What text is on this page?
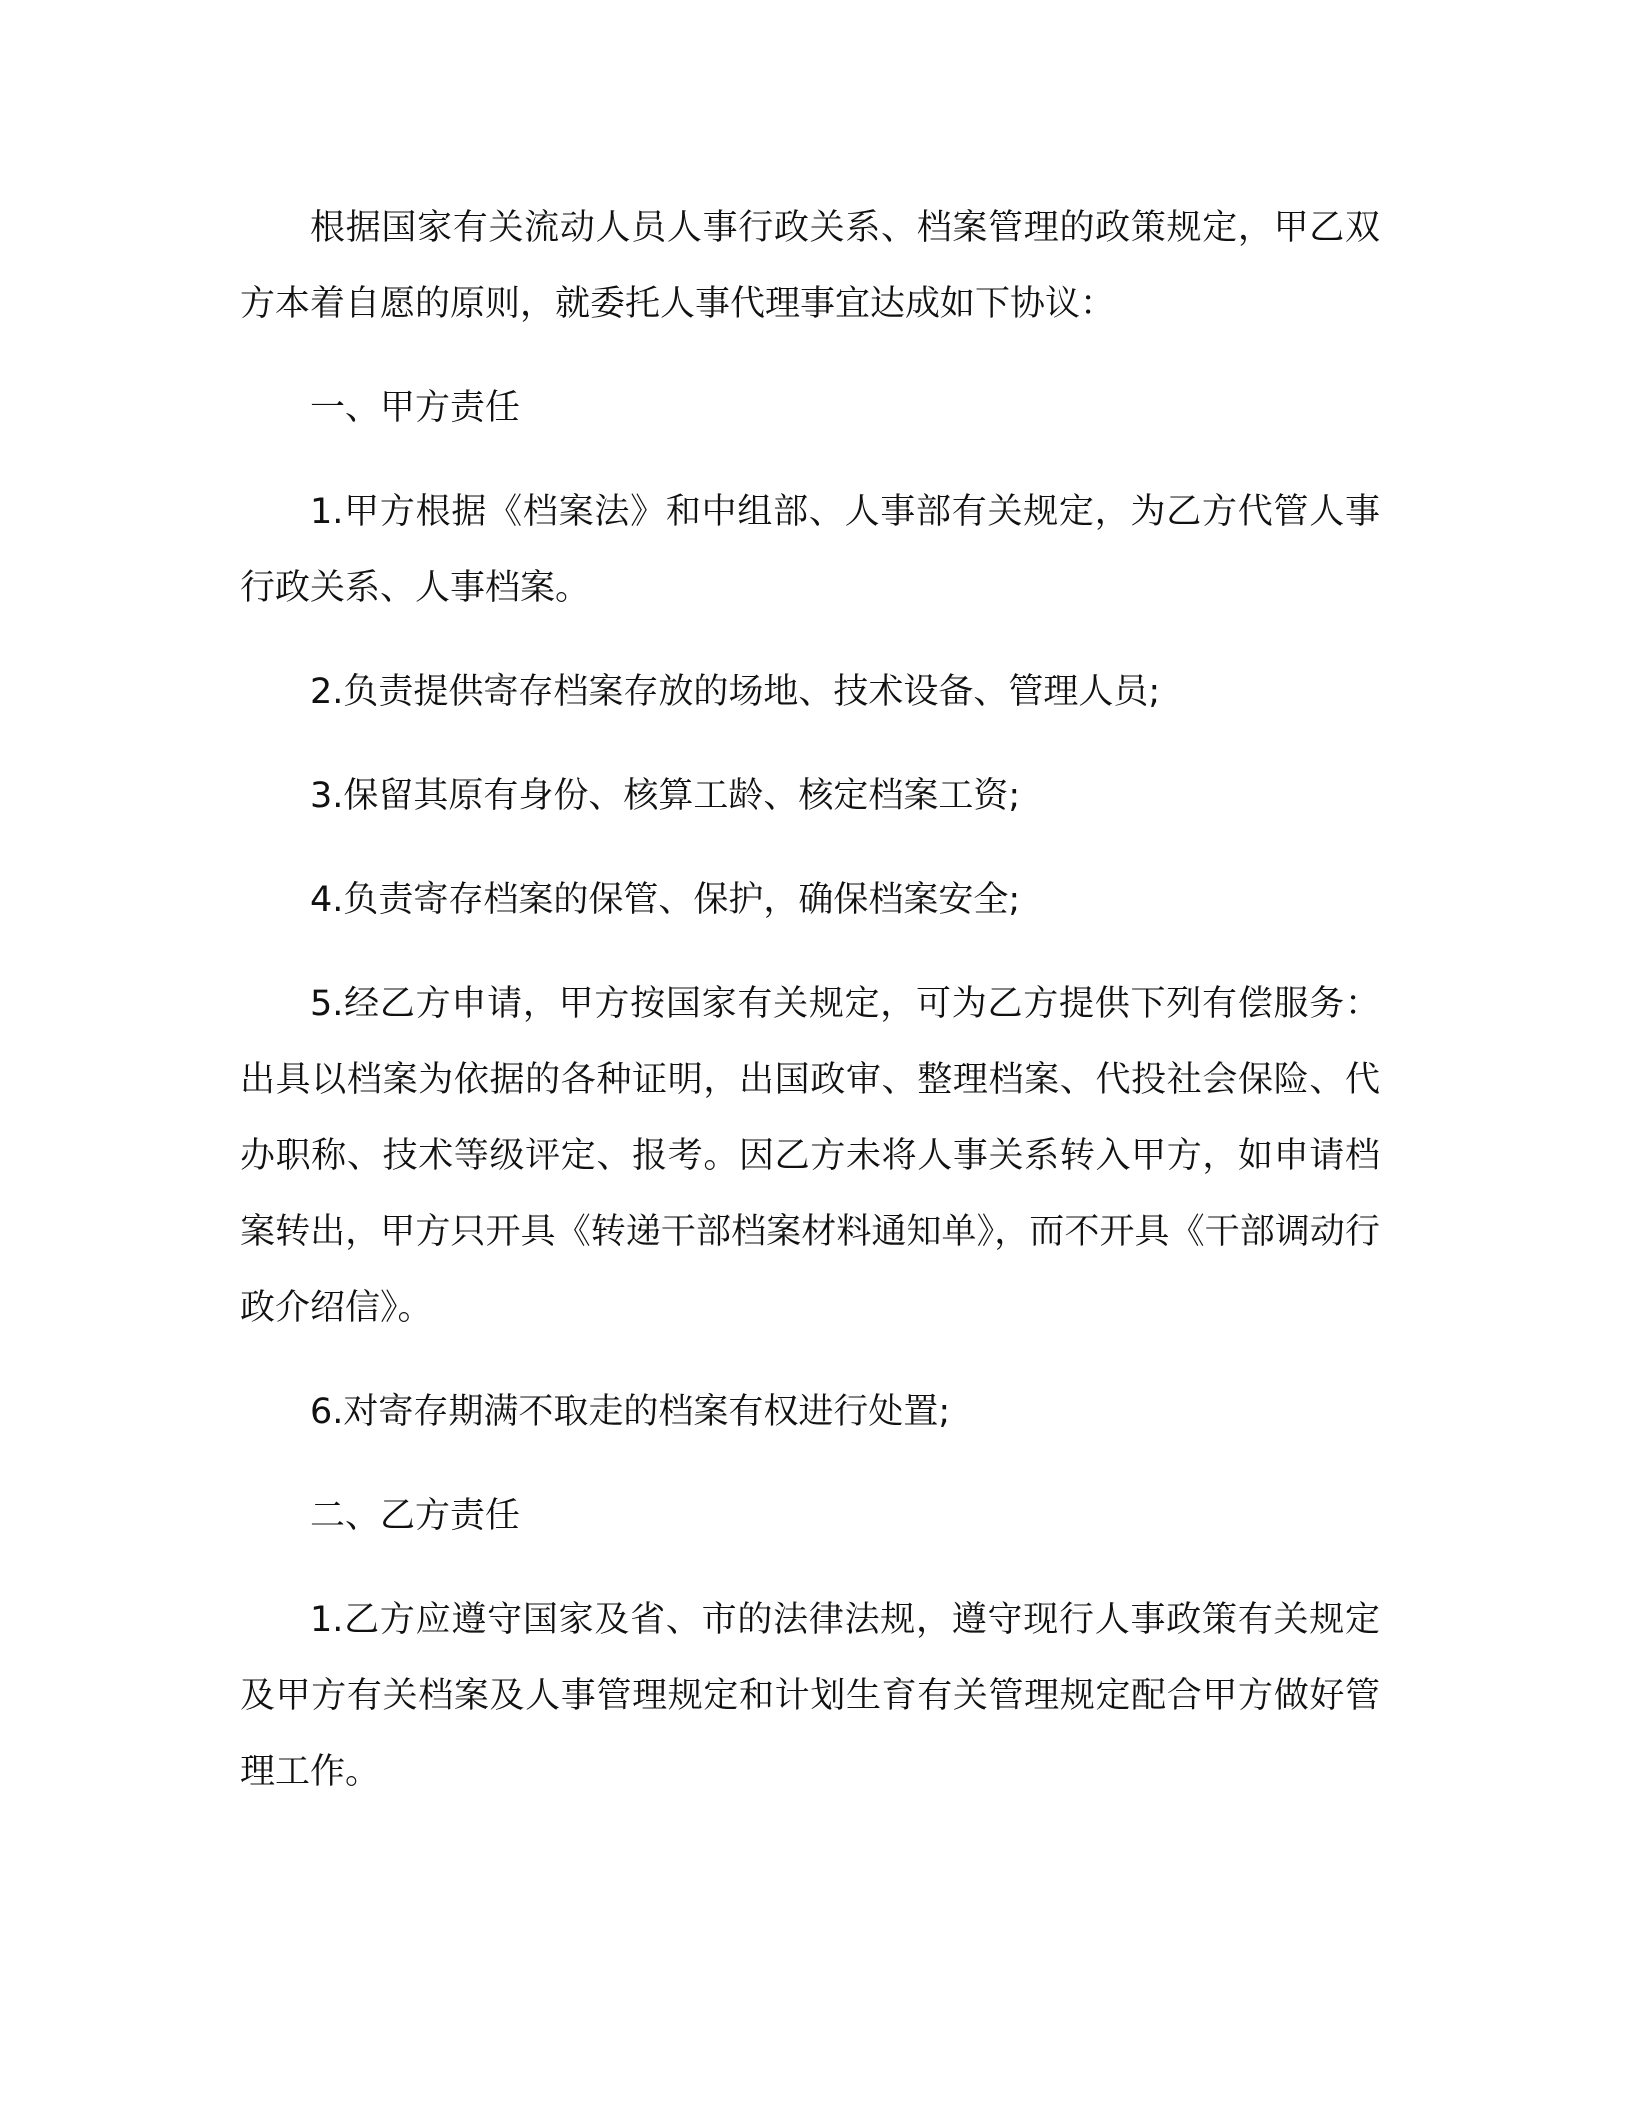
根据国家有关流动人员人事行政关系、档案管理的政策规定，甲乙双方本着自愿的原则，就委托人事代理事宜达成如下协议：

一、甲方责任

1.甲方根据《档案法》和中组部、人事部有关规定，为乙方代管人事行政关系、人事档案。

2.负责提供寄存档案存放的场地、技术设备、管理人员;

3.保留其原有身份、核算工龄、核定档案工资;

4.负责寄存档案的保管、保护，确保档案安全;

5.经乙方申请，甲方按国家有关规定，可为乙方提供下列有偿服务：出具以档案为依据的各种证明，出国政审、整理档案、代投社会保险、代办职称、技术等级评定、报考。因乙方未将人事关系转入甲方，如申请档案转出，甲方只开具《转递干部档案材料通知单》，而不开具《干部调动行政介绍信》。

6.对寄存期满不取走的档案有权进行处置;

二、乙方责任

1.乙方应遵守国家及省、市的法律法规，遵守现行人事政策有关规定及甲方有关档案及人事管理规定和计划生育有关管理规定配合甲方做好管理工作。
